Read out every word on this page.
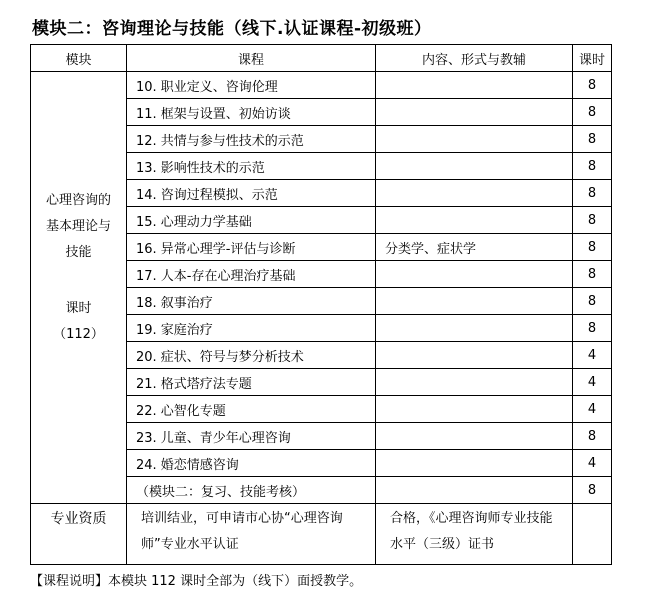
模块二：咨询理论与技能（线下.认证课程-初级班）
模块	课程	内容、形式与教辅	课时

心理咨询的
基本理论与
技能
课时
（112）	10. 职业定义、咨询伦理		8
	11. 框架与设置、初始访谈		8
	12. 共情与参与性技术的示范		8
	13. 影响性技术的示范		8
	14. 咨询过程模拟、示范		8
	15. 心理动力学基础		8
	16. 异常心理学-评估与诊断	分类学、症状学	8
	17. 人本-存在心理治疗基础		8
	18. 叙事治疗		8
	19. 家庭治疗		8
	20. 症状、符号与梦分析技术		4
	21. 格式塔疗法专题		4
	22. 心智化专题		4
	23. 儿童、青少年心理咨询		8
	24. 婚恋情感咨询		4
	（模块二：复习、技能考核）		8
专业资质	培训结业，可申请市心协“心理咨询师”专业水平认证	合格，《心理咨询师专业技能水平（三级）证书	
【课程说明】本模块 112 课时全部为（线下）面授教学。
